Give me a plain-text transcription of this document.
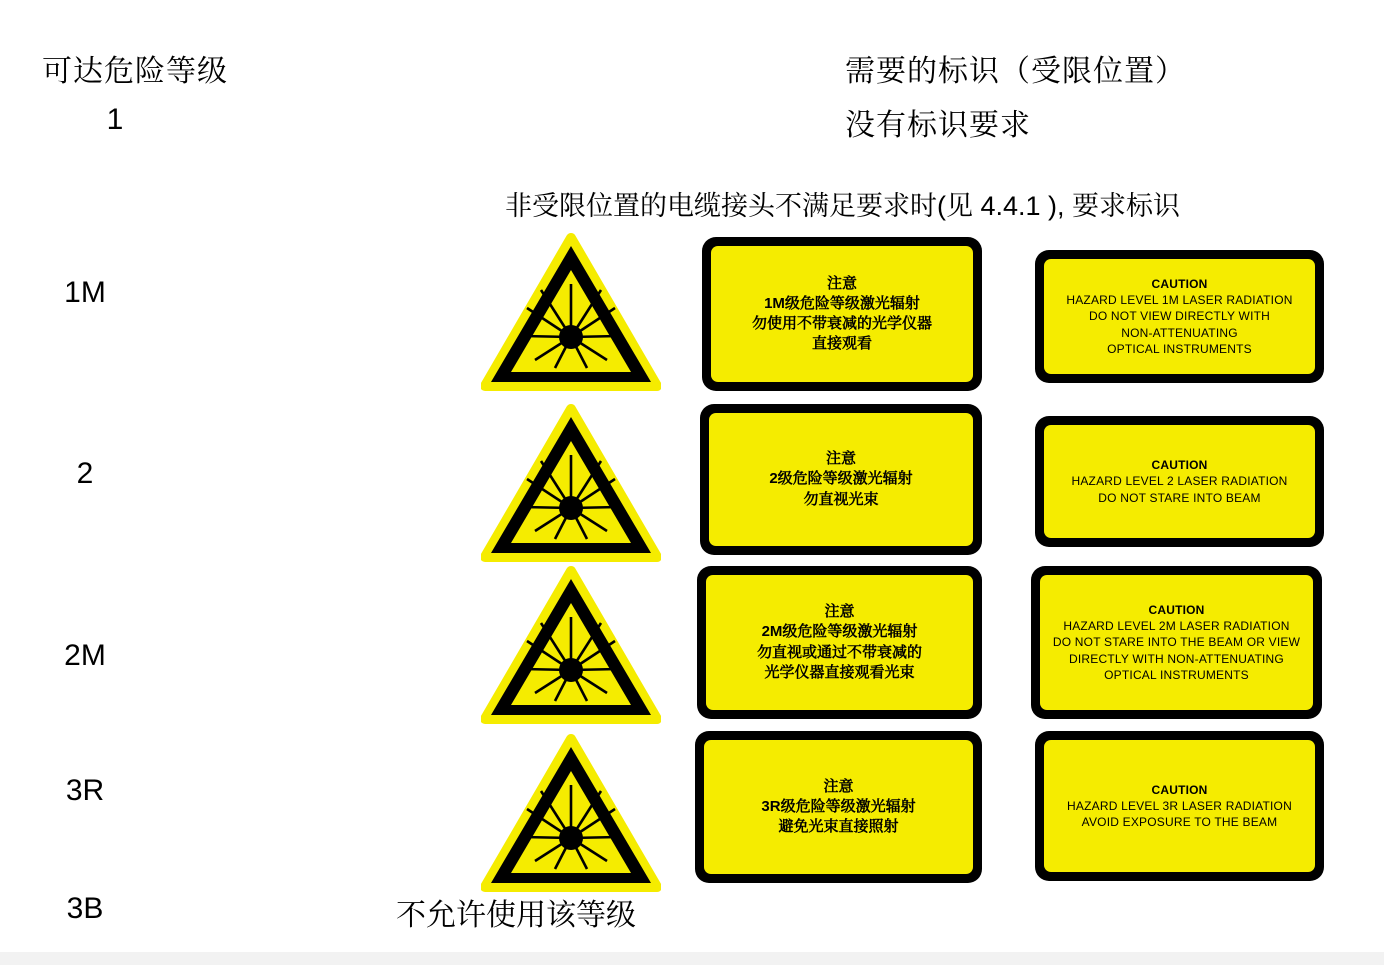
可达危险等级	需要的标识（受限位置）
没有标识要求
非受限位置的电缆接头不满足要求时(见 4.4.1 ), 要求标识
1
1M
2
2M
3R
3B	不允许使用该等级
注意
1M级危险等级激光辐射
勿使用不带衰减的光学仪器
直接观看
注意
2级危险等级激光辐射
勿直视光束
注意
2M级危险等级激光辐射
勿直视或通过不带衰减的
光学仪器直接观看光束
注意
3R级危险等级激光辐射
避免光束直接照射
CAUTION
HAZARD LEVEL 1M LASER RADIATION
DO NOT VIEW DIRECTLY WITH
NON-ATTENUATING
OPTICAL INSTRUMENTS
CAUTION
HAZARD LEVEL 2 LASER RADIATION
DO NOT STARE INTO BEAM
CAUTION
HAZARD LEVEL 2M LASER RADIATION
DO NOT STARE INTO THE BEAM OR VIEW
DIRECTLY WITH NON-ATTENUATING
OPTICAL INSTRUMENTS
CAUTION
HAZARD LEVEL 3R LASER RADIATION
AVOID EXPOSURE TO THE BEAM
